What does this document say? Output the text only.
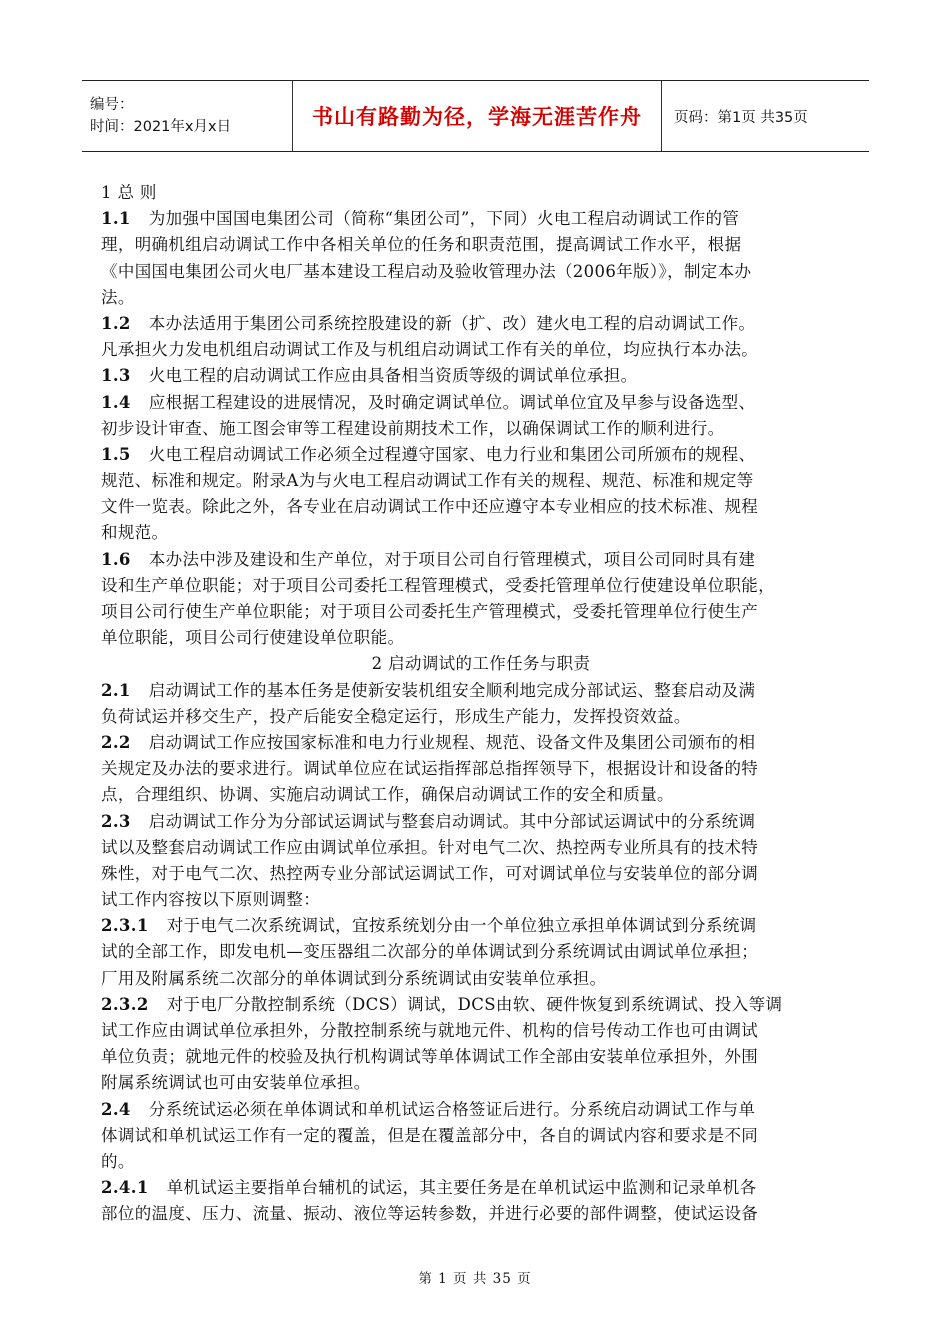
编号：
时间：2021年x月x日	书山有路勤为径，学海无涯苦作舟 页码：第1页 共35页
1 总 则
1.1 为加强中国国电集团公司（简称“集团公司”，下同）火电工程启动调试工作的管
理，明确机组启动调试工作中各相关单位的任务和职责范围，提高调试工作水平，根据
《中国国电集团公司火电厂基本建设工程启动及验收管理办法（2006年版）》，制定本办
法。
1.2 本办法适用于集团公司系统控股建设的新（扩、改）建火电工程的启动调试工作。
凡承担火力发电机组启动调试工作及与机组启动调试工作有关的单位，均应执行本办法。
1.3 火电工程的启动调试工作应由具备相当资质等级的调试单位承担。
1.4 应根据工程建设的进展情况，及时确定调试单位。调试单位宜及早参与设备选型、
初步设计审查、施工图会审等工程建设前期技术工作，以确保调试工作的顺利进行。
1.5 火电工程启动调试工作必须全过程遵守国家、电力行业和集团公司所颁布的规程、
规范、标准和规定。附录A为与火电工程启动调试工作有关的规程、规范、标准和规定等
文件一览表。除此之外，各专业在启动调试工作中还应遵守本专业相应的技术标准、规程
和规范。
1.6 本办法中涉及建设和生产单位，对于项目公司自行管理模式，项目公司同时具有建
设和生产单位职能；对于项目公司委托工程管理模式，受委托管理单位行使建设单位职能，
项目公司行使生产单位职能；对于项目公司委托生产管理模式，受委托管理单位行使生产
单位职能，项目公司行使建设单位职能。
2 启动调试的工作任务与职责
2.1 启动调试工作的基本任务是使新安装机组安全顺利地完成分部试运、整套启动及满
负荷试运并移交生产，投产后能安全稳定运行，形成生产能力，发挥投资效益。
2.2 启动调试工作应按国家标准和电力行业规程、规范、设备文件及集团公司颁布的相
关规定及办法的要求进行。调试单位应在试运指挥部总指挥领导下，根据设计和设备的特
点，合理组织、协调、实施启动调试工作，确保启动调试工作的安全和质量。
2.3 启动调试工作分为分部试运调试与整套启动调试。其中分部试运调试中的分系统调
试以及整套启动调试工作应由调试单位承担。针对电气二次、热控两专业所具有的技术特
殊性，对于电气二次、热控两专业分部试运调试工作，可对调试单位与安装单位的部分调
试工作内容按以下原则调整：
2.3.1 对于电气二次系统调试，宜按系统划分由一个单位独立承担单体调试到分系统调
试的全部工作，即发电机—变压器组二次部分的单体调试到分系统调试由调试单位承担；
厂用及附属系统二次部分的单体调试到分系统调试由安装单位承担。
2.3.2 对于电厂分散控制系统（DCS）调试，DCS由软、硬件恢复到系统调试、投入等调
试工作应由调试单位承担外，分散控制系统与就地元件、机构的信号传动工作也可由调试
单位负责；就地元件的校验及执行机构调试等单体调试工作全部由安装单位承担外，外围
附属系统调试也可由安装单位承担。
2.4 分系统试运必须在单体调试和单机试运合格签证后进行。分系统启动调试工作与单
体调试和单机试运工作有一定的覆盖，但是在覆盖部分中，各自的调试内容和要求是不同
的。
2.4.1 单机试运主要指单台辅机的试运，其主要任务是在单机试运中监测和记录单机各
部位的温度、压力、流量、振动、液位等运转参数，并进行必要的部件调整，使试运设备
第 1 页 共 35 页
